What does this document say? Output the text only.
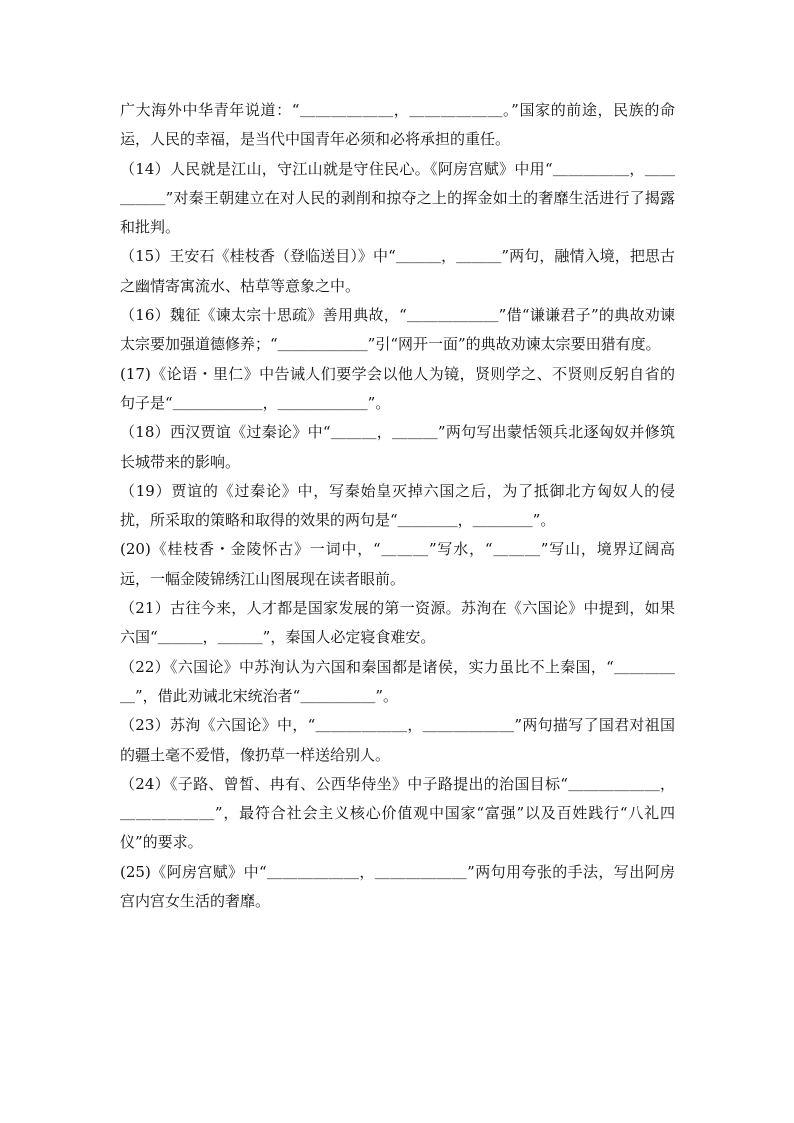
广大海外中华青年说道：“＿＿＿＿＿＿，＿＿＿＿＿＿。”国家的前途，民族的命运，人民的幸福，是当代中国青年必须和必将承担的重任。

（14）人民就是江山，守江山就是守住民心。《阿房宫赋》中用“＿＿＿＿＿，＿＿＿＿＿”对秦王朝建立在对人民的剥削和掠夺之上的挥金如土的奢靡生活进行了揭露和批判。

（15）王安石《桂枝香（登临送目）》中“＿＿＿，＿＿＿”两句，融情入境，把思古之幽情寄寓流水、枯草等意象之中。

（16）魏征《谏太宗十思疏》善用典故，“＿＿＿＿＿＿”借“谦谦君子”的典故劝谏太宗要加强道德修养；“＿＿＿＿＿＿”引“网开一面”的典故劝谏太宗要田猎有度。

(17)《论语・里仁》中告诫人们要学会以他人为镜，贤则学之、不贤则反躬自省的句子是“＿＿＿＿＿＿，＿＿＿＿＿＿”。

（18）西汉贾谊《过秦论》中“＿＿＿，＿＿＿”两句写出蒙恬领兵北逐匈奴并修筑长城带来的影响。

（19）贾谊的《过秦论》中，写秦始皇灭掉六国之后，为了抵御北方匈奴人的侵扰，所采取的策略和取得的效果的两句是“＿＿＿＿，＿＿＿＿”。

(20)《桂枝香・金陵怀古》一词中，“＿＿＿”写水，“＿＿＿”写山，境界辽阔高远，一幅金陵锦绣江山图展现在读者眼前。

（21）古往今来，人才都是国家发展的第一资源。苏洵在《六国论》中提到，如果六国“＿＿＿，＿＿＿”，秦国人必定寝食难安。

（22）《六国论》中苏洵认为六国和秦国都是诸侯，实力虽比不上秦国，“＿＿＿＿＿”，借此劝诫北宋统治者“＿＿＿＿＿”。

（23）苏洵《六国论》中，“＿＿＿＿＿＿，＿＿＿＿＿＿”两句描写了国君对祖国的疆土毫不爱惜，像扔草一样送给别人。

（24）《子路、曾皙、冉有、公西华侍坐》中子路提出的治国目标“＿＿＿＿＿＿，＿＿＿＿＿＿”，最符合社会主义核心价值观中国家“富强”以及百姓践行“八礼四仪”的要求。

(25)《阿房宫赋》中“＿＿＿＿＿＿，＿＿＿＿＿＿”两句用夸张的手法，写出阿房宫内宫女生活的奢靡。
